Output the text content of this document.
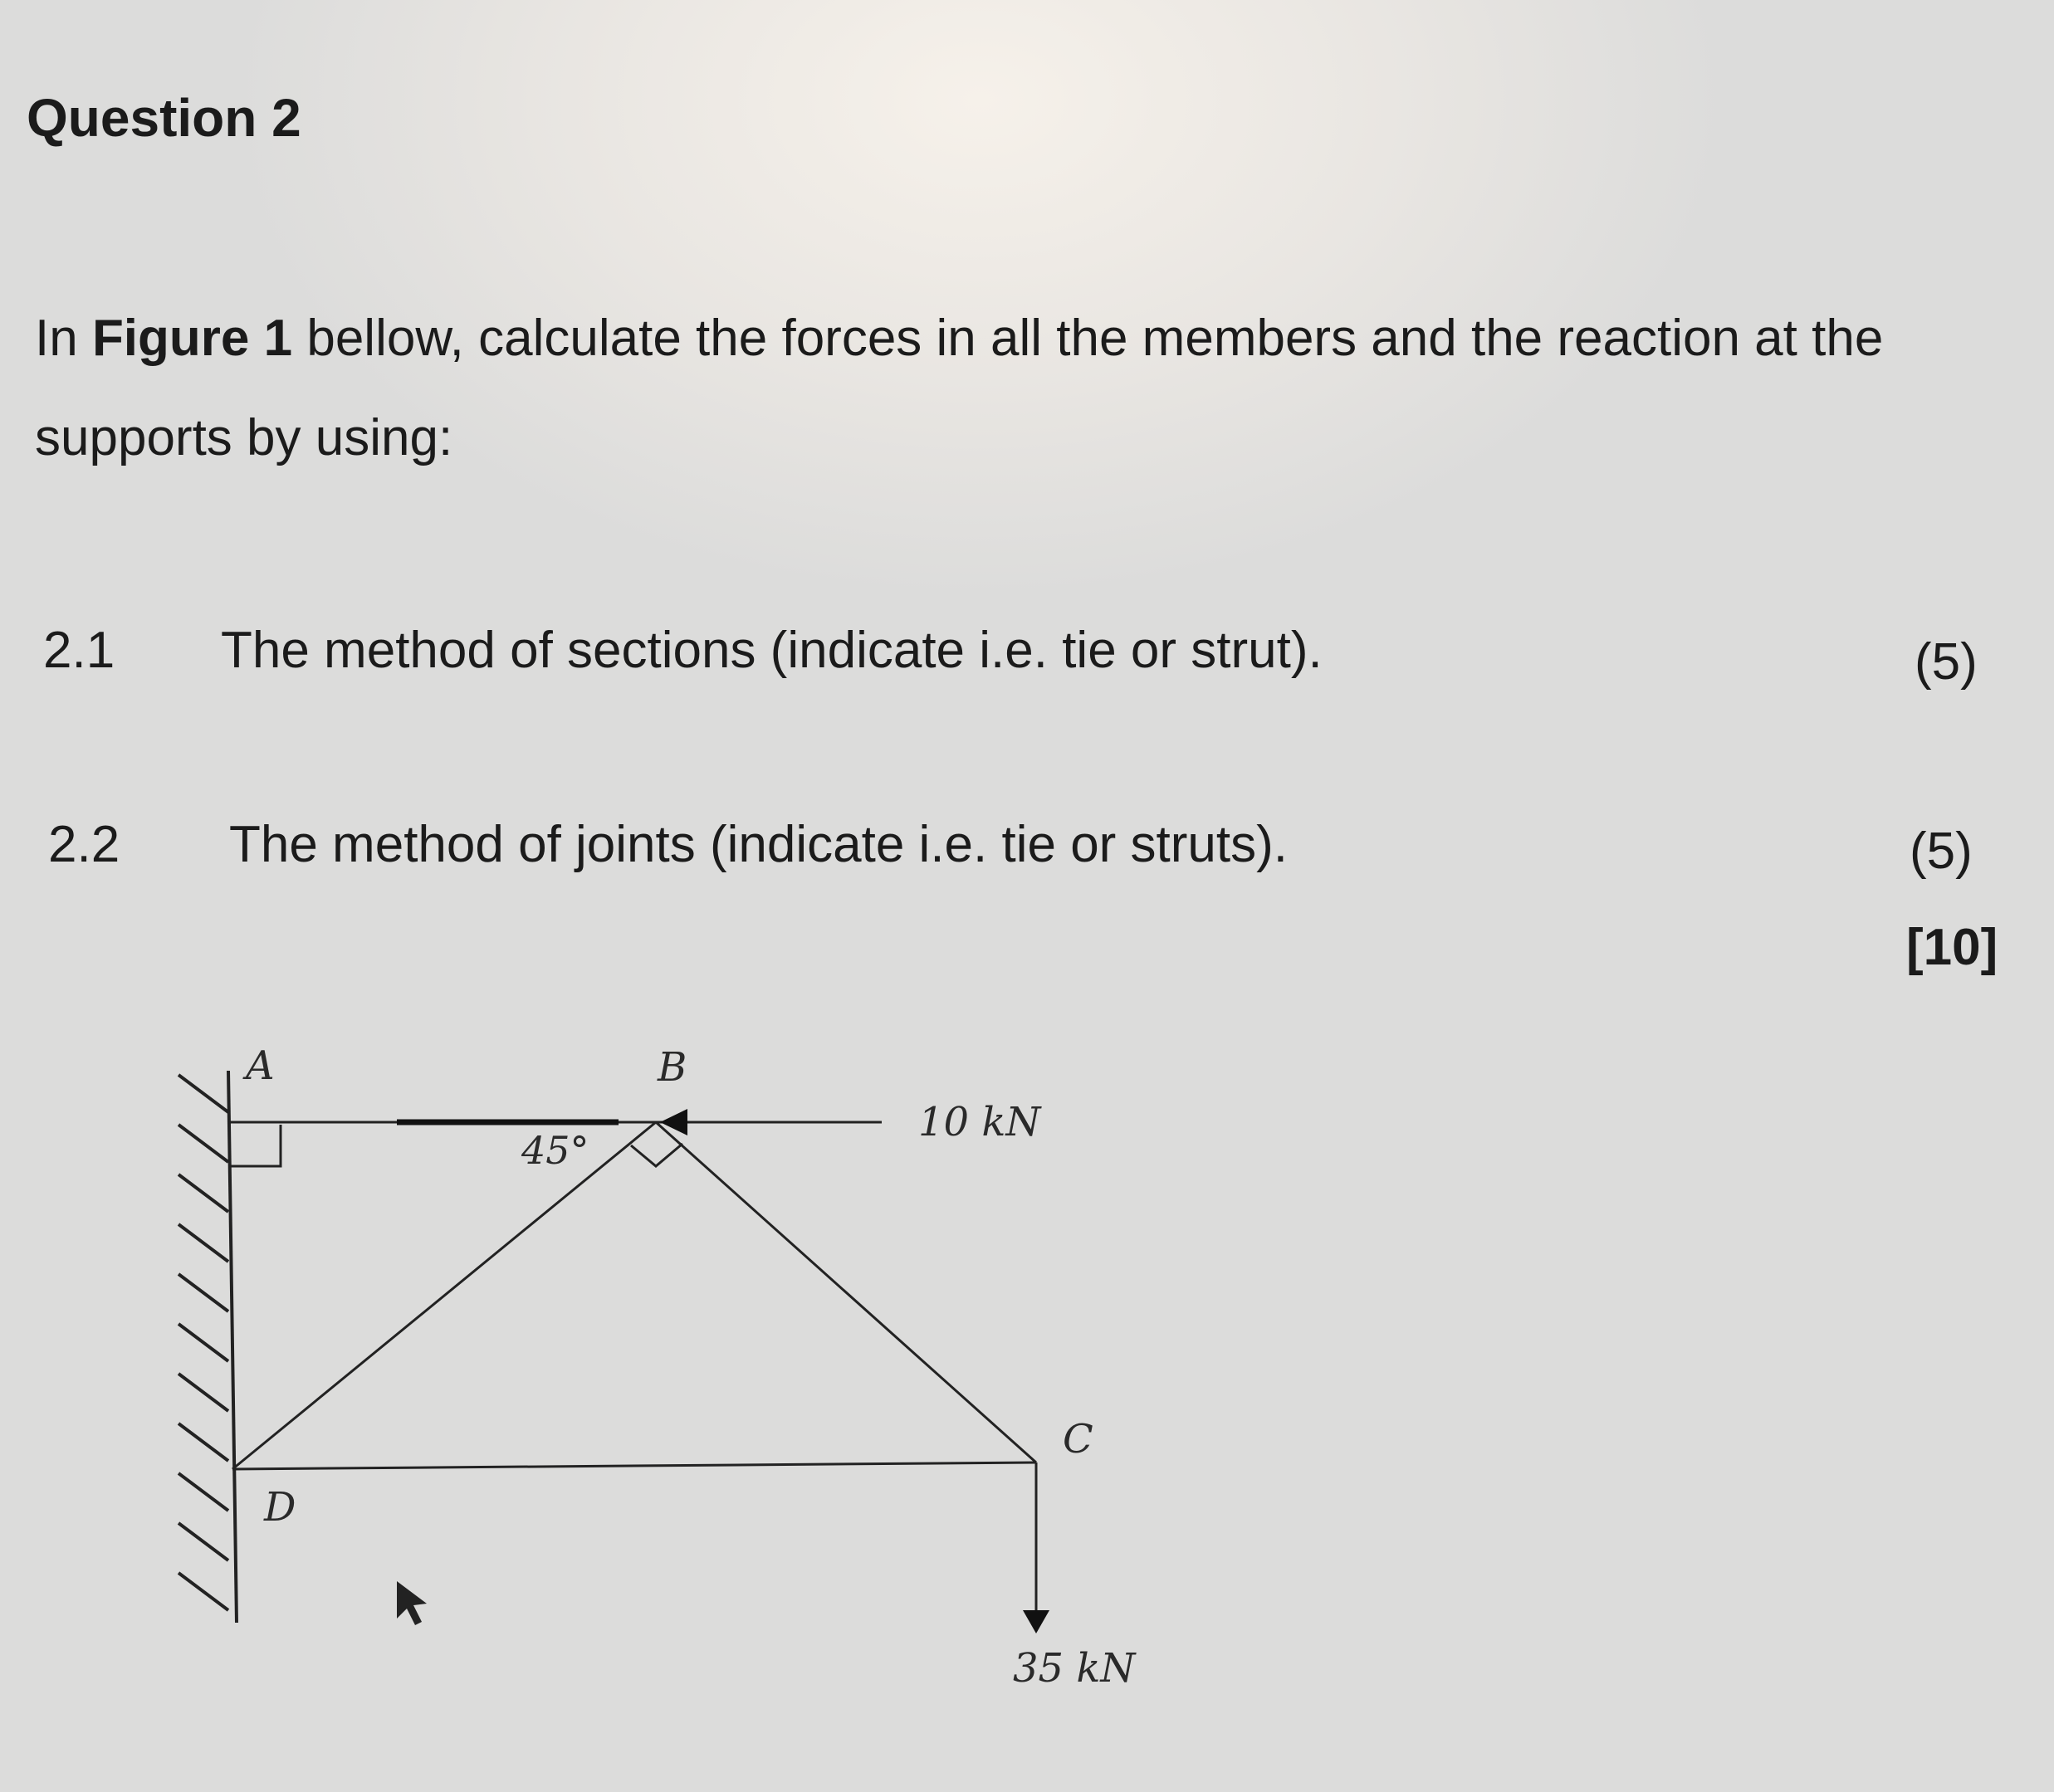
Question 2
In Figure 1 bellow, calculate the forces in all the members and the reaction at the
supports by using:
2.1 The method of sections (indicate i.e. tie or strut).	(5)
2.2 The method of joints (indicate i.e. tie or struts).	(5)
[10]
A	B
C
D
45°
10 kN
35 kN
